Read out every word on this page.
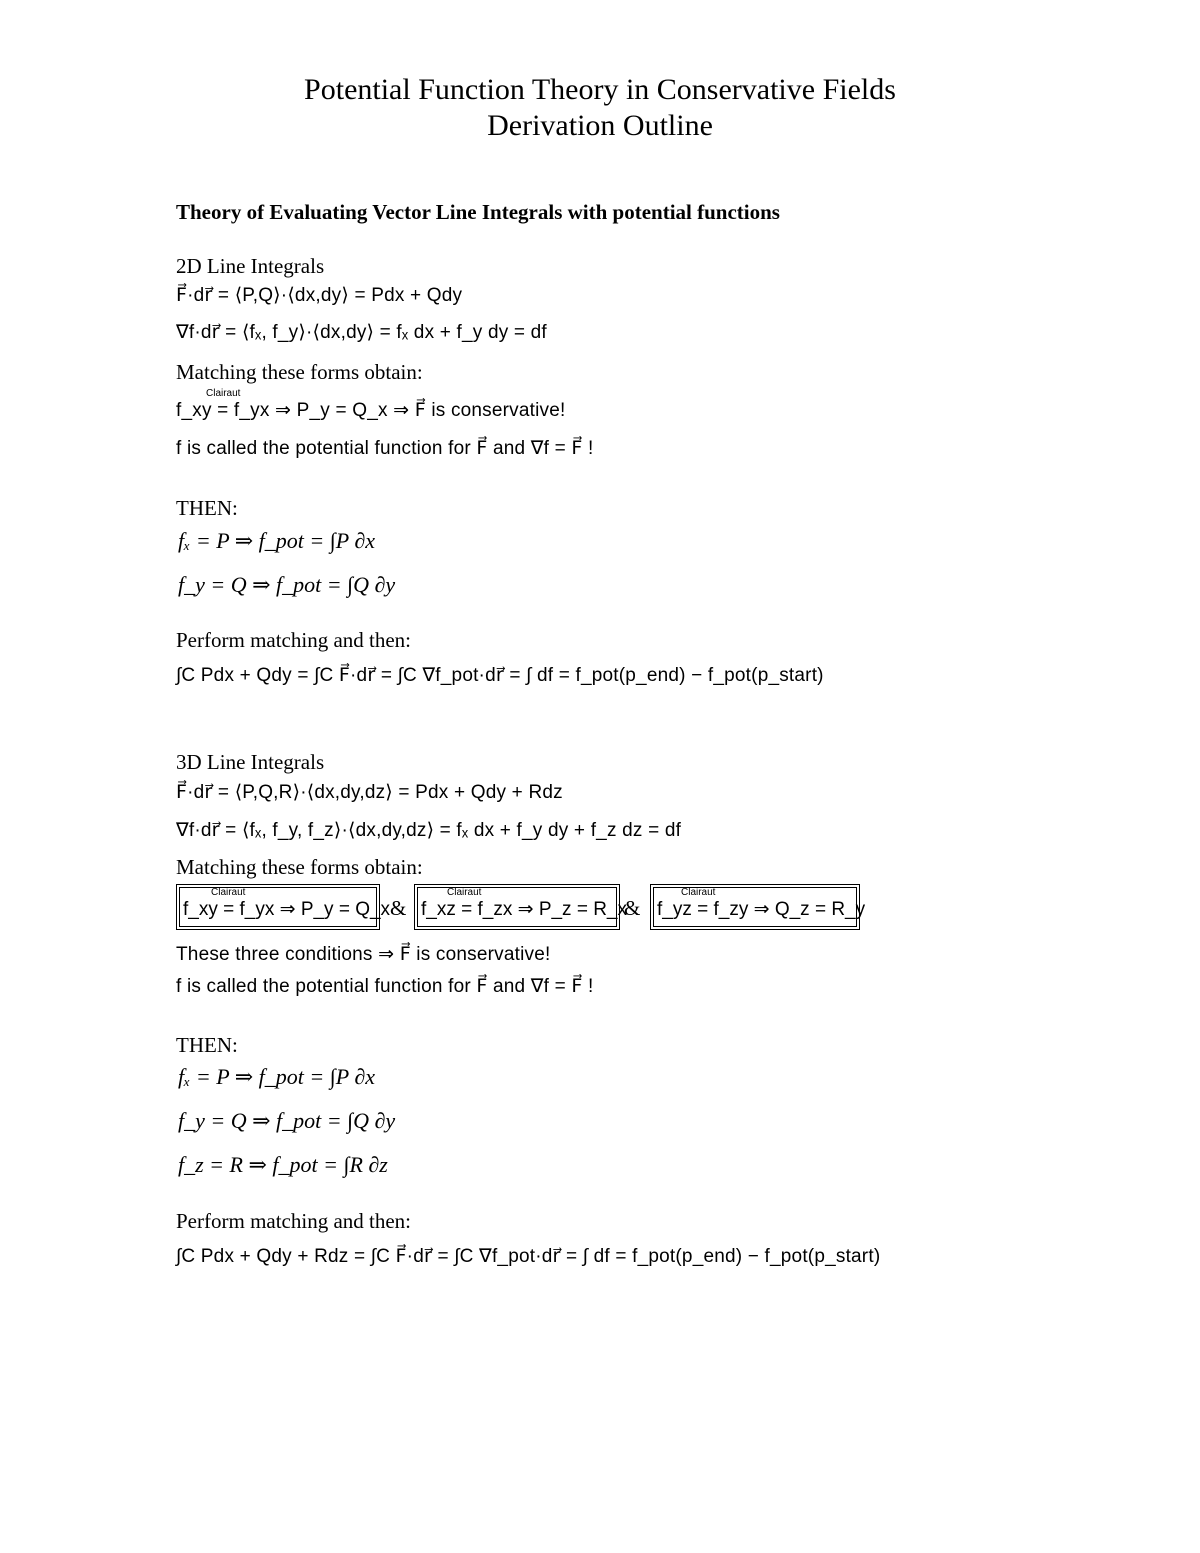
Potential Function Theory in Conservative Fields
Derivation Outline
Theory of Evaluating Vector Line Integrals with potential functions
2D Line Integrals
F⃗·dr⃗ = ⟨P,Q⟩·⟨dx,dy⟩ = Pdx + Qdy
∇f·dr⃗ = ⟨fₓ, f_y⟩·⟨dx,dy⟩ = fₓ dx + f_y dy = df
Matching these forms obtain:
Clairaut
f_xy = f_yx ⇒ P_y = Q_x ⇒ F⃗ is conservative!
f is called the potential function for F⃗ and ∇f = F⃗ !
THEN:
fₓ = P ⇒ f_pot = ∫P ∂x
f_y = Q ⇒ f_pot = ∫Q ∂y
Perform matching and then:
∫C Pdx + Qdy = ∫C F⃗·dr⃗ = ∫C ∇f_pot·dr⃗ = ∫ df = f_pot(p_end) − f_pot(p_start)
3D Line Integrals
F⃗·dr⃗ = ⟨P,Q,R⟩·⟨dx,dy,dz⟩ = Pdx + Qdy + Rdz
∇f·dr⃗ = ⟨fₓ, f_y, f_z⟩·⟨dx,dy,dz⟩ = fₓ dx + f_y dy + f_z dz = df
Matching these forms obtain:
Clairaut
f_xy = f_yx ⇒ P_y = Q_x &
Clairaut
f_xz = f_zx ⇒ P_z = R_x
&
Clairaut
f_yz = f_zy ⇒ Q_z = R_y
These three conditions ⇒ F⃗ is conservative!
f is called the potential function for F⃗ and ∇f = F⃗ !
THEN:
fₓ = P ⇒ f_pot = ∫P ∂x
f_y = Q ⇒ f_pot = ∫Q ∂y
f_z = R ⇒ f_pot = ∫R ∂z
Perform matching and then:
∫C Pdx + Qdy + Rdz = ∫C F⃗·dr⃗ = ∫C ∇f_pot·dr⃗ = ∫ df = f_pot(p_end) − f_pot(p_start)
